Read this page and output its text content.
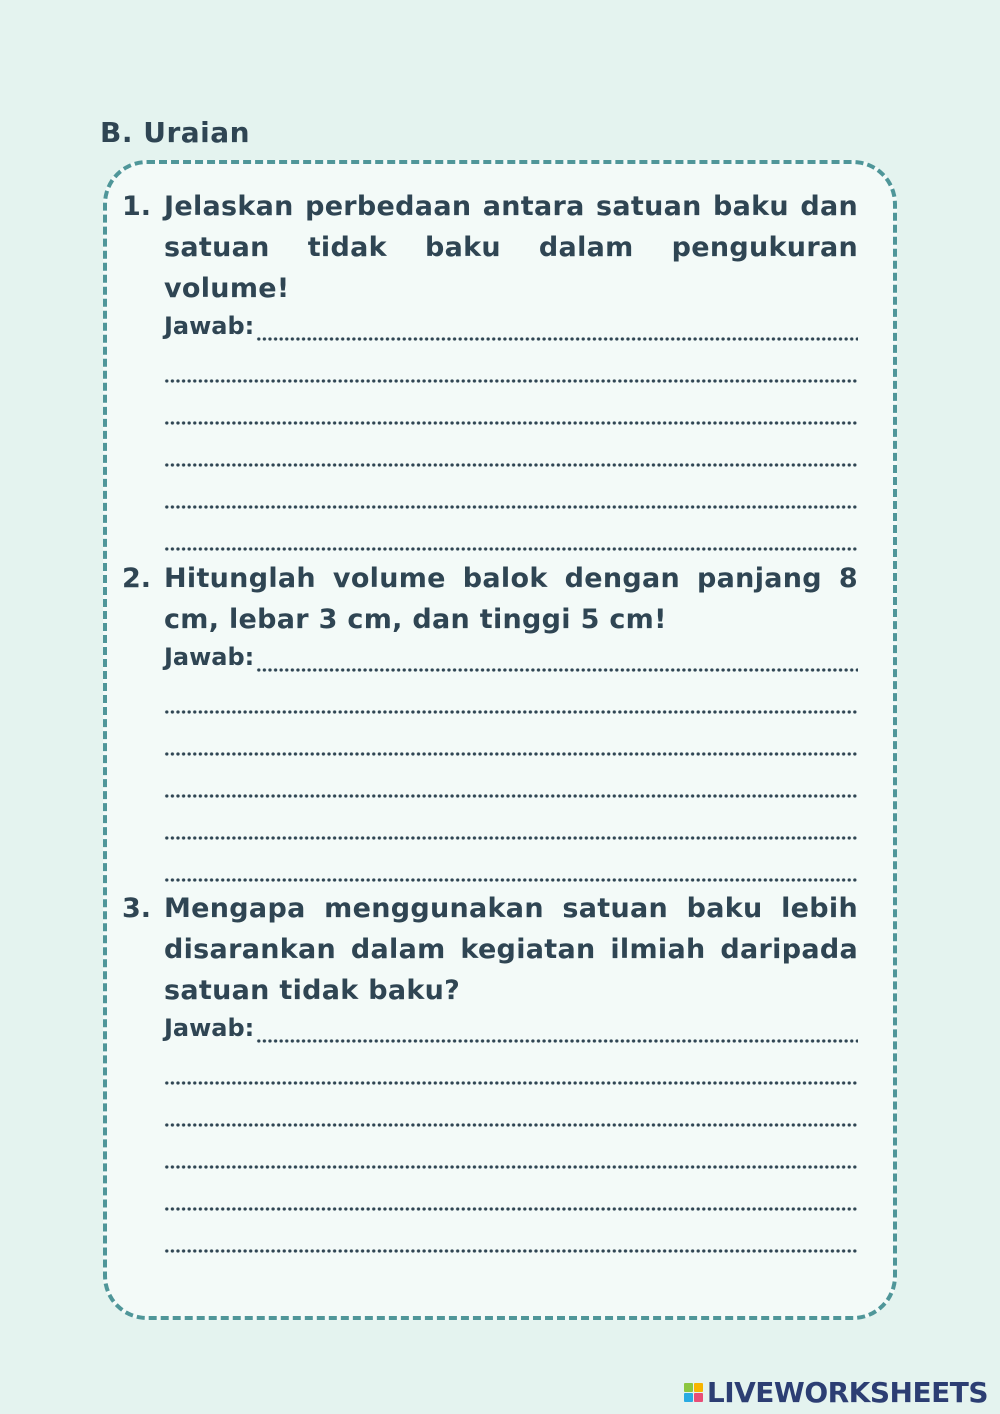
B. Uraian
1. Jelaskan perbedaan antara satuan baku dan satuan tidak baku dalam pengukuran volume!
Jawab:
2. Hitunglah volume balok dengan panjang 8 cm, lebar 3 cm, dan tinggi 5 cm!
Jawab:
3. Mengapa menggunakan satuan baku lebih disarankan dalam kegiatan ilmiah daripada satuan tidak baku?
Jawab:
LIVEWORKSHEETS
